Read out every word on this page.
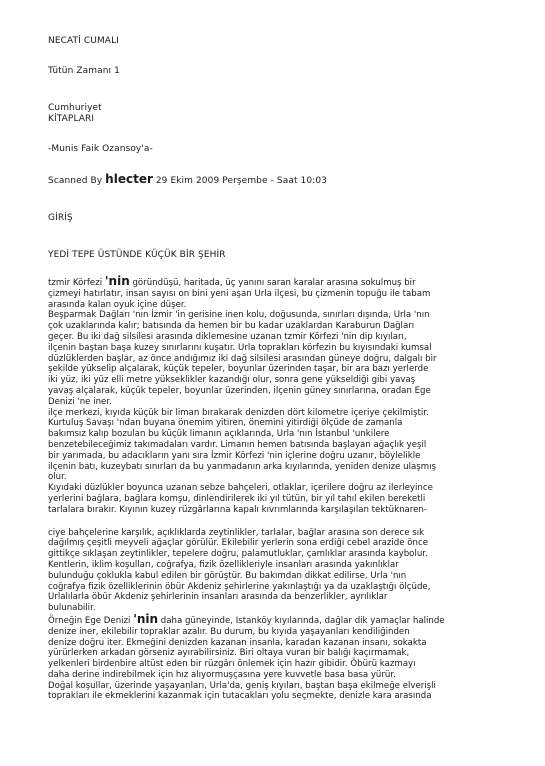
NECATİ CUMALI
Tütün Zamanı 1
Cumhuriyet
KİTAPLARI
-Munis Faik Ozansoy'a-
Scanned By hlecter 29 Ekim 2009 Perşembe - Saat 10:03
GİRİŞ
YEDİ TEPE ÜSTÜNDE KÜÇÜK BİR ŞEHİR
tzmir Körfezi 'nin göründüşü, haritada, üç yanını saran karalar arasına sokulmuş bir
çizmeyi hatırlatır, insan sayısı on bini yeni aşan Urla ilçesi, bu çizmenin topuğu ile tabam
arasında kalan oyuk içine düşer.
Beşparmak Dağları 'nın İzmir 'in gerisine inen kolu, doğusunda, sınırları dışında, Urla 'nın
çok uzaklarında kalır; batısında da hemen bir bu kadar uzaklardan Karaburun Dağları
geçer. Bu iki dağ silsilesi arasında diklemesine uzanan tzmir Körfezi 'nin dip kıyıları,
ilçenin baştan başa kuzey sınırlarını kuşatır. Urla toprakları körfezin bu kıyısındaki kumsal
düzlüklerden başlar, az önce andığımız iki dağ silsilesi arasından güneye doğru, dalgalı bir
şekilde yükselip alçalarak, küçük tepeler, boyunlar üzerinden taşar, bir ara bazı yerlerde
iki yüz, iki yüz elli metre yükseklikler kazandığı olur, sonra gene yükseldiği gibi yavaş
yavaş alçalarak, küçük tepeler, boyunlar üzerinden, ilçenin güney sınırlarına, oradan Ege
Denizi 'ne iner.
ilçe merkezi, kıyıda küçük bir liman bırakarak denizden dört kilometre içeriye çekilmiştir.
Kurtuluş Savaşı 'ndan buyana önemim yitiren, önemini yitirdiği ölçüde de zamanla
bakımsız kalıp bozulan bu küçük limanın açıklarında, Urla 'nın İstanbul 'unkilere
benzetebileceğimiz takımadaları vardır. Limanın hemen batısında başlayan ağaçlık yeşil
bir yarımada, bu adacıkların yanı sıra İzmir Körfezi 'nin içlerine doğru uzanır, böylelikle
ilçenin batı, kuzeybatı sınırları da bu yarımadanın arka kıyılarında, yeniden denize ulaşmış
olur.
Kıyıdaki düzlükler boyunca uzanan sebze bahçeleri, otlaklar, içerilere doğru az ilerleyince
yerlerini bağlara, bağlara komşu, dinlendirilerek iki yıl tütün, bir yıl tahıl ekilen bereketli
tarlalara bırakır. Kıyının kuzey rüzgârlarına kapalı kıvrımlarında karşılaşılan tektüknaren-
ciye bahçelerine karşılık, açıklıklarda zeytinlikler, tarlalar, bağlar arasına son derece sık
dağılmış çeşitli meyveli ağaçlar görülür. Ekilebilir yerlerin sona erdiği cebel arazide önce
gittikçe sıklaşan zeytinlikler, tepelere doğru, palamutluklar, çamlıklar arasında kaybolur.
Kentlerin, iklim koşulları, coğrafya, fizik özellikleriyle insanları arasında yakınlıklar
bulunduğu çoklukla kabul edilen bir görüştür. Bu bakımdan dikkat edilirse, Urla 'nın
coğrafya fizik özelliklerinin öbür Akdeniz şehirlerine yakınlaştığı ya da uzaklaştığı ölçüde,
Urlalılarla öbür Akdeniz şehirlerinin insanları arasında da benzerlikler, ayrılıklar
bulunabilir.
Örneğin Ege Denizi 'nin daha güneyinde, Istanköy kıyılarında, dağlar dik yamaçlar halinde
denize iner, ekilebilir topraklar azalır. Bu durum, bu kıyıda yaşayanları kendiliğinden
denize doğru iter. Ekmeğini denizden kazanan insanla, karadan kazanan insanı, sokakta
yürürlerken arkadan görseniz ayırabilirsiniz. Biri oltaya vuran bir balığı kaçırmamak,
yelkenleri birdenbire altüst eden bir rüzgârı önlemek için hazır gibidir. Öbürü kazmayı
daha derine indirebilmek için hız alıyormuşçasına yere kuvvetle basa basa yürür.
Doğal koşullar, üzerinde yaşayanları, Urla'da, geniş kıyıları, baştan başa ekilmeğe elverişli
toprakları ile ekmeklerini kazanmak için tutacakları yolu seçmekte, denizle kara arasında
